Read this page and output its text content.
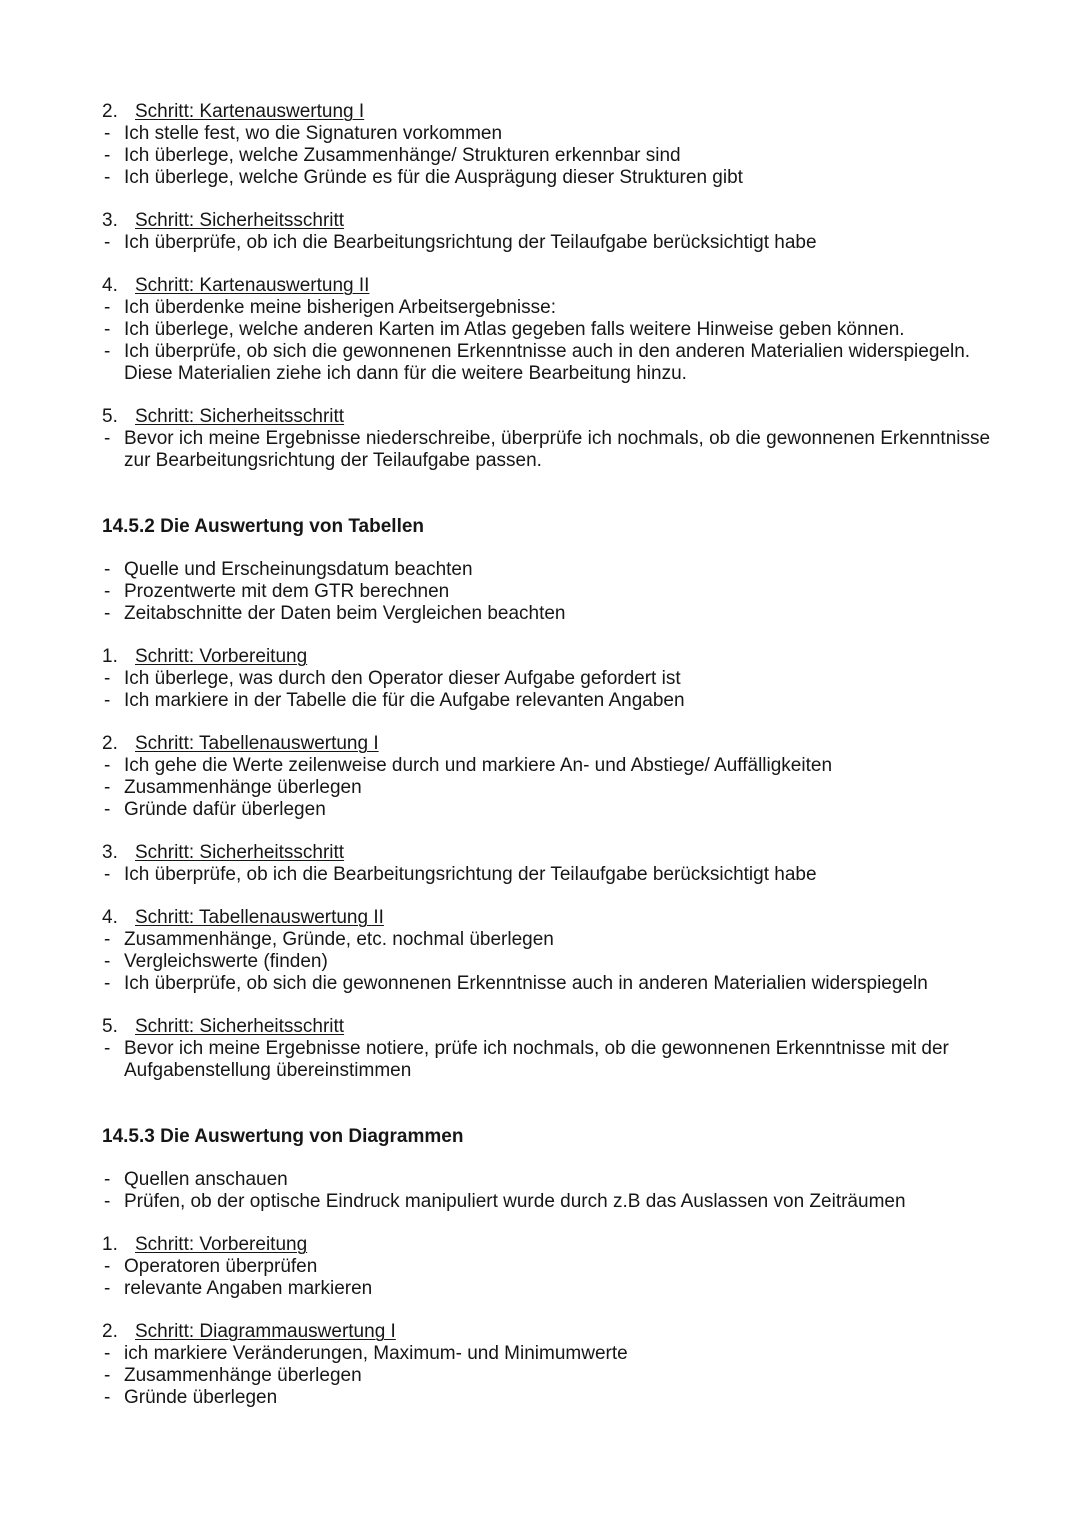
2. Schritt: Kartenauswertung I
- Ich stelle fest, wo die Signaturen vorkommen
- Ich überlege, welche Zusammenhänge/ Strukturen erkennbar sind
- Ich überlege, welche Gründe es für die Ausprägung dieser Strukturen gibt
3. Schritt: Sicherheitsschritt
- Ich überprüfe, ob ich die Bearbeitungsrichtung der Teilaufgabe berücksichtigt habe
4. Schritt: Kartenauswertung II
- Ich überdenke meine bisherigen Arbeitsergebnisse:
- Ich überlege, welche anderen Karten im Atlas gegeben falls weitere Hinweise geben können.
- Ich überprüfe, ob sich die gewonnenen Erkenntnisse auch in den anderen Materialien widerspiegeln. Diese Materialien ziehe ich dann für die weitere Bearbeitung hinzu.
5. Schritt: Sicherheitsschritt
- Bevor ich meine Ergebnisse niederschreibe, überprüfe ich nochmals, ob die gewonnenen Erkenntnisse zur Bearbeitungsrichtung der Teilaufgabe passen.
14.5.2 Die Auswertung von Tabellen
- Quelle und Erscheinungsdatum beachten
- Prozentwerte mit dem GTR berechnen
- Zeitabschnitte der Daten beim Vergleichen beachten
1. Schritt: Vorbereitung
- Ich überlege, was durch den Operator dieser Aufgabe gefordert ist
- Ich markiere in der Tabelle die für die Aufgabe relevanten Angaben
2. Schritt: Tabellenauswertung I
- Ich gehe die Werte zeilenweise durch und markiere An- und Abstiege/ Auffälligkeiten
- Zusammenhänge überlegen
- Gründe dafür überlegen
3. Schritt: Sicherheitsschritt
- Ich überprüfe, ob ich die Bearbeitungsrichtung der Teilaufgabe berücksichtigt habe
4. Schritt: Tabellenauswertung II
- Zusammenhänge, Gründe, etc. nochmal überlegen
- Vergleichswerte (finden)
- Ich überprüfe, ob sich die gewonnenen Erkenntnisse auch in anderen Materialien widerspiegeln
5. Schritt: Sicherheitsschritt
- Bevor ich meine Ergebnisse notiere, prüfe ich nochmals, ob die gewonnenen Erkenntnisse mit der Aufgabenstellung übereinstimmen
14.5.3 Die Auswertung von Diagrammen
- Quellen anschauen
- Prüfen, ob der optische Eindruck manipuliert wurde durch z.B das Auslassen von Zeiträumen
1. Schritt: Vorbereitung
- Operatoren überprüfen
- relevante Angaben markieren
2. Schritt: Diagrammauswertung I
- ich markiere Veränderungen, Maximum- und Minimumwerte
- Zusammenhänge überlegen
- Gründe überlegen
